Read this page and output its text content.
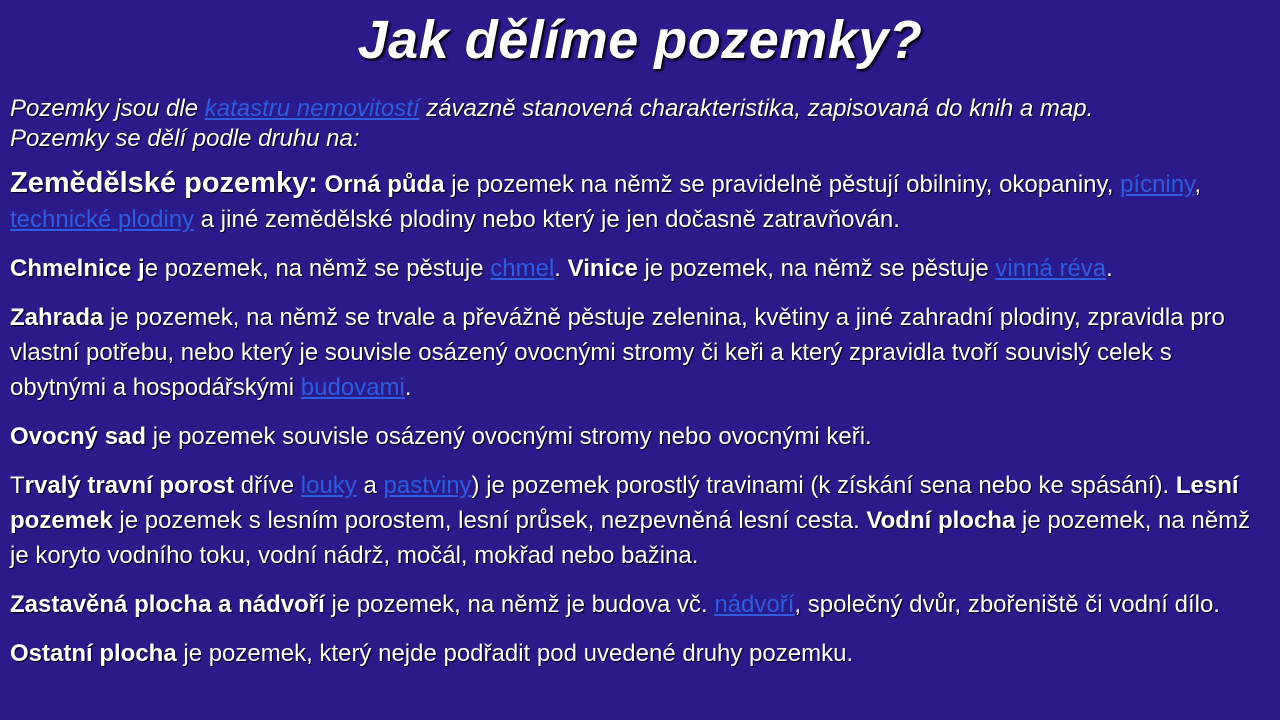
Jak dělíme pozemky?

Pozemky jsou dle katastru nemovitostí závazně stanovená charakteristika, zapisovaná do knih a map.
Pozemky se dělí podle druhu na:

Zemědělské pozemky: Orná půda je pozemek na němž se pravidelně pěstují obilniny, okopaniny, pícniny, technické plodiny a jiné zemědělské plodiny nebo který je jen dočasně zatravňován.

Chmelnice je pozemek, na němž se pěstuje chmel. Vinice je pozemek, na němž se pěstuje vinná réva.

Zahrada je pozemek, na němž se trvale a převážně pěstuje zelenina, květiny a jiné zahradní plodiny, zpravidla pro vlastní potřebu, nebo který je souvisle osázený ovocnými stromy či keři a který zpravidla tvoří souvislý celek s obytnými a hospodářskými budovami.

Ovocný sad je pozemek souvisle osázený ovocnými stromy nebo ovocnými keři.

Trvalý travní porost dříve louky a pastviny) je pozemek porostlý travinami (k získání sena nebo ke spásání). Lesní pozemek je pozemek s lesním porostem, lesní průsek, nezpevněná lesní cesta. Vodní plocha je pozemek, na němž je koryto vodního toku, vodní nádrž, močál, mokřad nebo bažina.

Zastavěná plocha a nádvoří je pozemek, na němž je budova vč. nádvoří, společný dvůr, zbořeniště či vodní dílo.

Ostatní plocha je pozemek, který nejde podřadit pod uvedené druhy pozemku.
